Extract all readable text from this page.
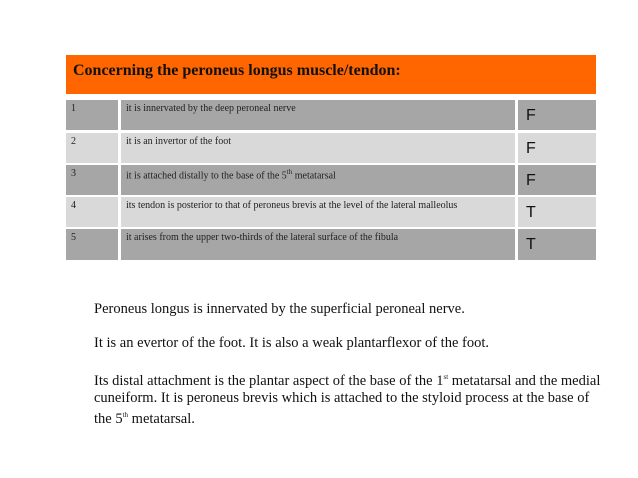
Concerning the peroneus longus muscle/tendon:
1	it is innervated by the deep peroneal nerve	F
2	it is an invertor of the foot	F
3	it is attached distally to the base of the 5th metatarsal	F
4	its tendon is posterior to that of peroneus brevis at the level of the lateral malleolus	T
5	it arises from the upper two-thirds of the lateral surface of the fibula	T

Peroneus longus is innervated by the superficial peroneal nerve.

It is an evertor of the foot. It is also a weak plantarflexor of the foot.

Its distal attachment is the plantar aspect of the base of the 1st metatarsal and the medial cuneiform. It is peroneus brevis which is attached to the styloid process at the base of the 5th metatarsal.
